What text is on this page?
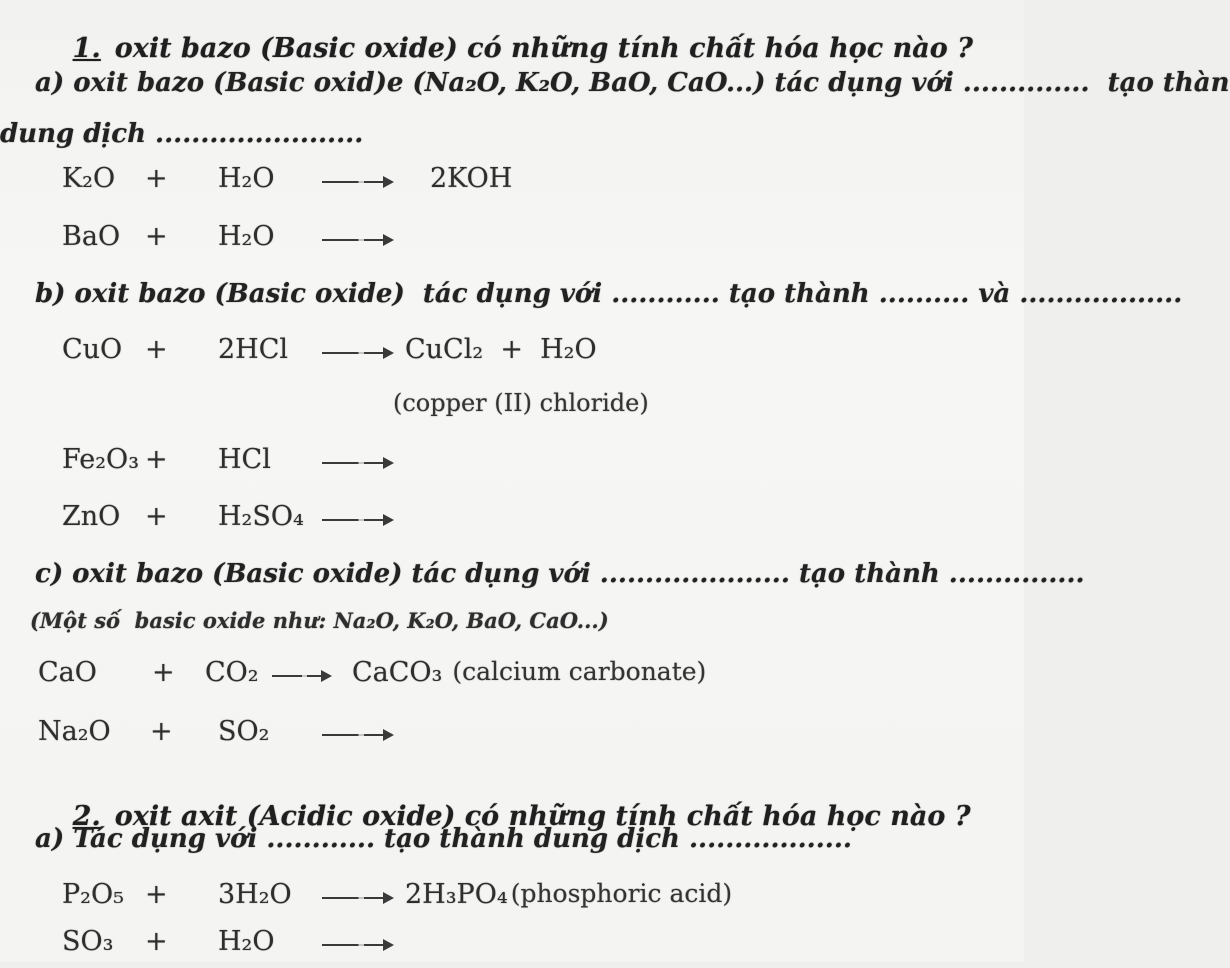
1. oxit bazo (Basic oxide) có những tính chất hóa học nào ?

a) oxit bazo (Basic oxid)e (Na₂O, K₂O, BaO, CaO...) tác dụng với ..............  tạo thàn
dung dịch .......................
K₂O + H₂O → 2KOH
BaO + H₂O
b) oxit bazo (Basic oxide)  tác dụng với ............ tạo thành .......... và ..................
CuO + 2HCl → CuCl₂  +  H₂O
(copper (II) chloride)
Fe₂O₃ + HCl
ZnO + H₂SO₄ →
c) oxit bazo (Basic oxide) tác dụng với ..................... tạo thành ...............
(Một số  basic oxide như: Na₂O, K₂O, BaO, CaO...)
CaO + CO₂ → CaCO₃ (calcium carbonate)
Na₂O + SO₂

2. oxit axit (Acidic oxide) có những tính chất hóa học nào ?

a) Tác dụng với ............ tạo thành dung dịch ..................
P₂O₅ + 3H₂O → 2H₃PO₄ (phosphoric acid)
SO₃ + H₂O
